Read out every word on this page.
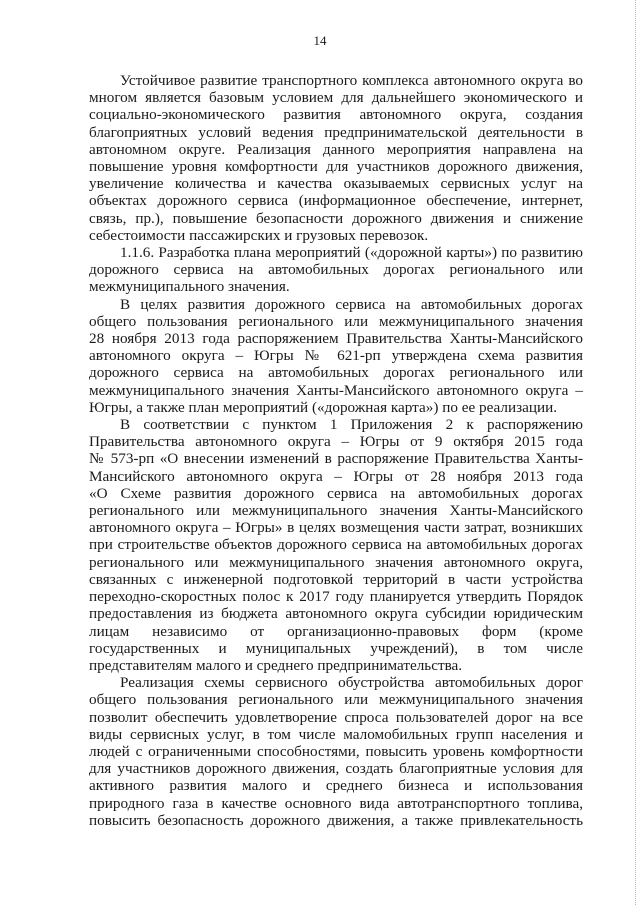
14
Устойчивое развитие транспортного комплекса автономного округа во
многом является базовым условием для дальнейшего экономического и
социально-экономического развития автономного округа, создания
благоприятных условий ведения предпринимательской деятельности в
автономном округе. Реализация данного мероприятия направлена на
повышение уровня комфортности для участников дорожного движения,
увеличение количества и качества оказываемых сервисных услуг на
объектах дорожного сервиса (информационное обеспечение, интернет,
связь, пр.), повышение безопасности дорожного движения и снижение
себестоимости пассажирских и грузовых перевозок.
1.1.6. Разработка плана мероприятий («дорожной карты») по развитию
дорожного сервиса на автомобильных дорогах регионального или
межмуниципального значения.
В целях развития дорожного сервиса на автомобильных дорогах
общего пользования регионального или межмуниципального значения
28 ноября 2013 года распоряжением Правительства Ханты-Мансийского
автономного округа – Югры № 621-рп утверждена схема развития
дорожного сервиса на автомобильных дорогах регионального или
межмуниципального значения Ханты-Мансийского автономного округа –
Югры, а также план мероприятий («дорожная карта») по ее реализации.
В соответствии с пунктом 1 Приложения 2 к распоряжению
Правительства автономного округа – Югры от 9 октября 2015 года
№ 573-рп «О внесении изменений в распоряжение Правительства Ханты-
Мансийского автономного округа – Югры от 28 ноября 2013 года
«О Схеме развития дорожного сервиса на автомобильных дорогах
регионального или межмуниципального значения Ханты-Мансийского
автономного округа – Югры» в целях возмещения части затрат, возникших
при строительстве объектов дорожного сервиса на автомобильных дорогах
регионального или межмуниципального значения автономного округа,
связанных с инженерной подготовкой территорий в части устройства
переходно-скоростных полос к 2017 году планируется утвердить Порядок
предоставления из бюджета автономного округа субсидии юридическим
лицам независимо от организационно-правовых форм (кроме
государственных и муниципальных учреждений), в том числе
представителям малого и среднего предпринимательства.
Реализация схемы сервисного обустройства автомобильных дорог
общего пользования регионального или межмуниципального значения
позволит обеспечить удовлетворение спроса пользователей дорог на все
виды сервисных услуг, в том числе маломобильных групп населения и
людей с ограниченными способностями, повысить уровень комфортности
для участников дорожного движения, создать благоприятные условия для
активного развития малого и среднего бизнеса и использования
природного газа в качестве основного вида автотранспортного топлива,
повысить безопасность дорожного движения, а также привлекательность
